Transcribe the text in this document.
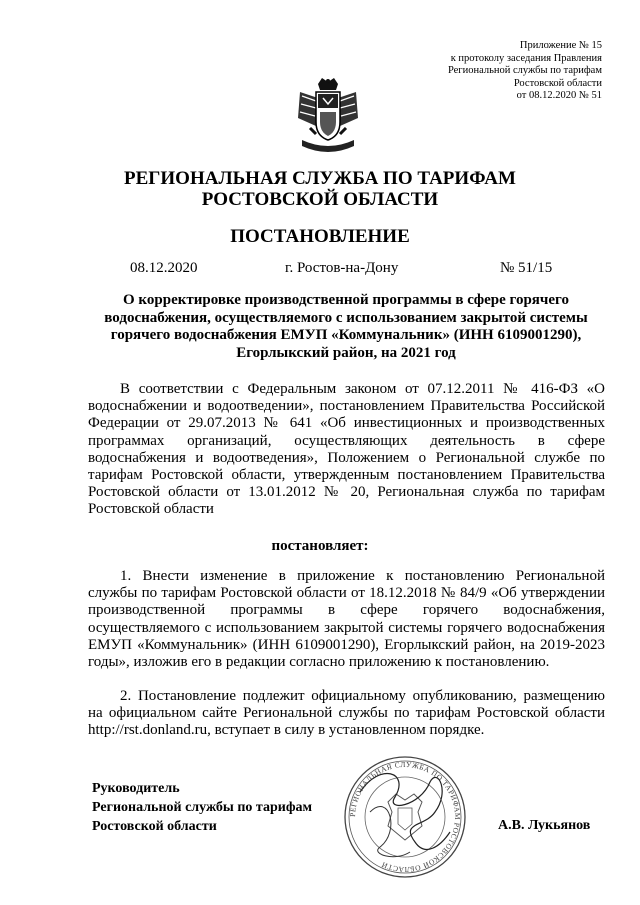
Приложение № 15
к протоколу заседания Правления
Региональной службы по тарифам
Ростовской области
от 08.12.2020 № 51
РЕГИОНАЛЬНАЯ СЛУЖБА ПО ТАРИФАМ
РОСТОВСКОЙ ОБЛАСТИ
ПОСТАНОВЛЕНИЕ
08.12.2020	г. Ростов-на-Дону	№ 51/15
О корректировке производственной программы в сфере горячего
водоснабжения, осуществляемого с использованием закрытой системы
горячего водоснабжения ЕМУП «Коммунальник» (ИНН 6109001290),
Егорлыкский район, на 2021 год
В соответствии с Федеральным законом от 07.12.2011 № 416-ФЗ «О водоснабжении и водоотведении», постановлением Правительства Российской Федерации от 29.07.2013 № 641 «Об инвестиционных и производственных программах организаций, осуществляющих деятельность в сфере водоснабжения и водоотведения», Положением о Региональной службе по тарифам Ростовской области, утвержденным постановлением Правительства Ростовской области от 13.01.2012 № 20, Региональная служба по тарифам Ростовской области
постановляет:
1. Внести изменение в приложение к постановлению Региональной службы по тарифам Ростовской области от 18.12.2018 № 84/9 «Об утверждении производственной программы в сфере горячего водоснабжения, осуществляемого с использованием закрытой системы горячего водоснабжения ЕМУП «Коммунальник» (ИНН 6109001290), Егорлыкский район, на 2019-2023 годы», изложив его в редакции согласно приложению к постановлению.
2. Постановление подлежит официальному опубликованию, размещению на официальном сайте Региональной службы по тарифам Ростовской области http://rst.donland.ru, вступает в силу в установленном порядке.
Руководитель
Региональной службы по тарифам
Ростовской области	А.В. Лукьянов
РЕГИОНАЛЬНАЯ СЛУЖБА ПО ТАРИФАМ РОСТОВСКОЙ ОБЛАСТИ
